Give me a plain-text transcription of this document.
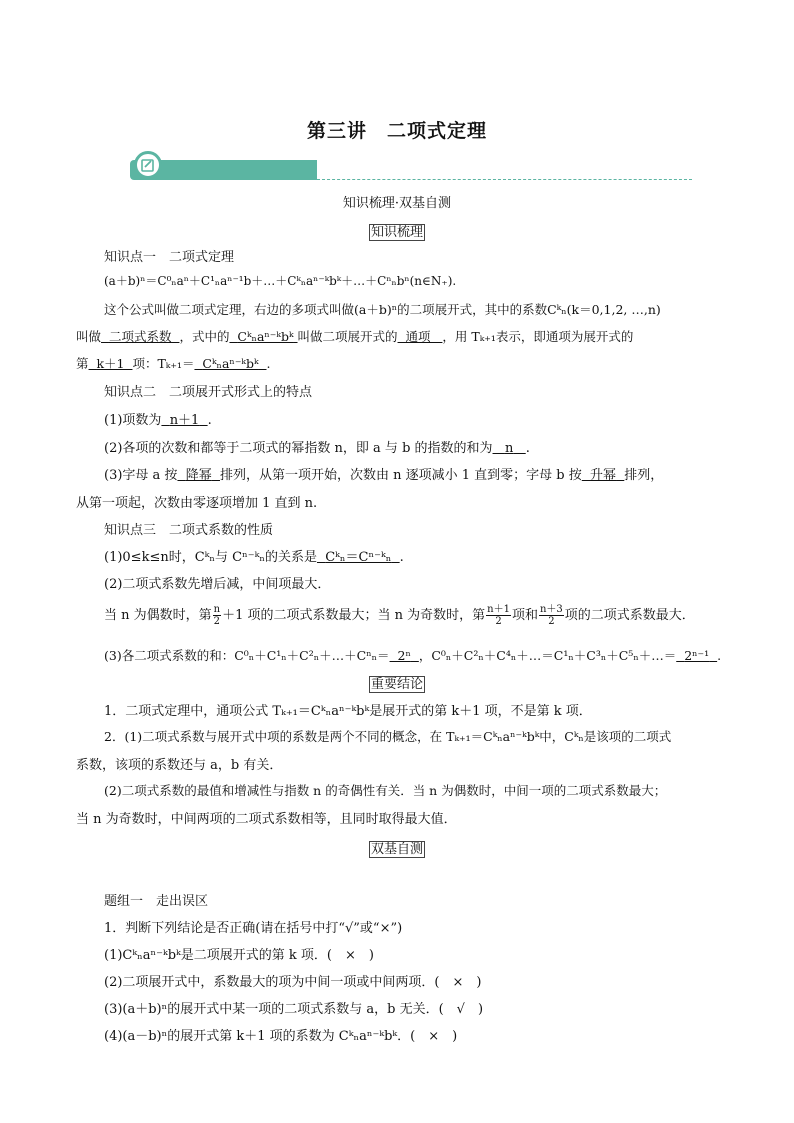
第三讲　二项式定理
知识梳理·双基自测
知识梳理
知识点一　二项式定理
(a＋b)ⁿ＝C⁰ₙaⁿ＋C¹ₙaⁿ⁻¹b＋…＋Cᵏₙaⁿ⁻ᵏbᵏ＋…＋Cⁿₙbⁿ(n∈N₊).
这个公式叫做二项式定理，右边的多项式叫做(a＋b)ⁿ的二项展开式，其中的系数Cᵏₙ(k＝0,1,2, …,n)
叫做 二项式系数 ，式中的 Cᵏₙaⁿ⁻ᵏbᵏ 叫做二项展开式的 通项 ，用 Tₖ₊₁表示，即通项为展开式的
第 k＋1 项：Tₖ₊₁＝ Cᵏₙaⁿ⁻ᵏbᵏ .
知识点二　二项展开式形式上的特点
(1)项数为 n＋1 .
(2)各项的次数和都等于二项式的幂指数 n，即 a 与 b 的指数的和为 n .
(3)字母 a 按 降幂 排列，从第一项开始，次数由 n 逐项减小 1 直到零；字母 b 按 升幂 排列，
从第一项起，次数由零逐项增加 1 直到 n.
知识点三　二项式系数的性质
(1)0≤k≤n时，Cᵏₙ与 Cⁿ⁻ᵏₙ的关系是 Cᵏₙ＝Cⁿ⁻ᵏₙ .
(2)二项式系数先增后减，中间项最大．
当 n 为偶数时，第 $\frac{n}{2} +1$ 项的二项式系数最大；当 n 为奇数时，第 $\frac{n+1}{2}$ 项和 $\frac{n+3}{2}$ 项的二项式系数最大．
(3)各二项式系数的和：C⁰ₙ＋C¹ₙ＋C²ₙ＋…＋Cⁿₙ＝ 2ⁿ ，C⁰ₙ＋C²ₙ＋C⁴ₙ＋…＝C¹ₙ＋C³ₙ＋C⁵ₙ＋…＝ 2ⁿ⁻¹ .
重要结论
1．二项式定理中，通项公式 Tₖ₊₁＝Cᵏₙaⁿ⁻ᵏbᵏ是展开式的第 k＋1 项，不是第 k 项．
2．(1)二项式系数与展开式中项的系数是两个不同的概念，在 Tₖ₊₁＝Cᵏₙaⁿ⁻ᵏbᵏ中，Cᵏₙ是该项的二项式
系数，该项的系数还与 a，b 有关．
(2)二项式系数的最值和增减性与指数 n 的奇偶性有关．当 n 为偶数时，中间一项的二项式系数最大；
当 n 为奇数时，中间两项的二项式系数相等，且同时取得最大值．
双基自测
题组一　走出误区
1．判断下列结论是否正确(请在括号中打“√”或“×”)
(1)Cᵏₙaⁿ⁻ᵏbᵏ是二项展开式的第 k 项．(　×　)
(2)二项展开式中，系数最大的项为中间一项或中间两项．(　×　)
(3)(a＋b)ⁿ的展开式中某一项的二项式系数与 a，b 无关．(　√　)
(4)(a－b)ⁿ的展开式第 k＋1 项的系数为 Cᵏₙaⁿ⁻ᵏbᵏ．(　×　)
